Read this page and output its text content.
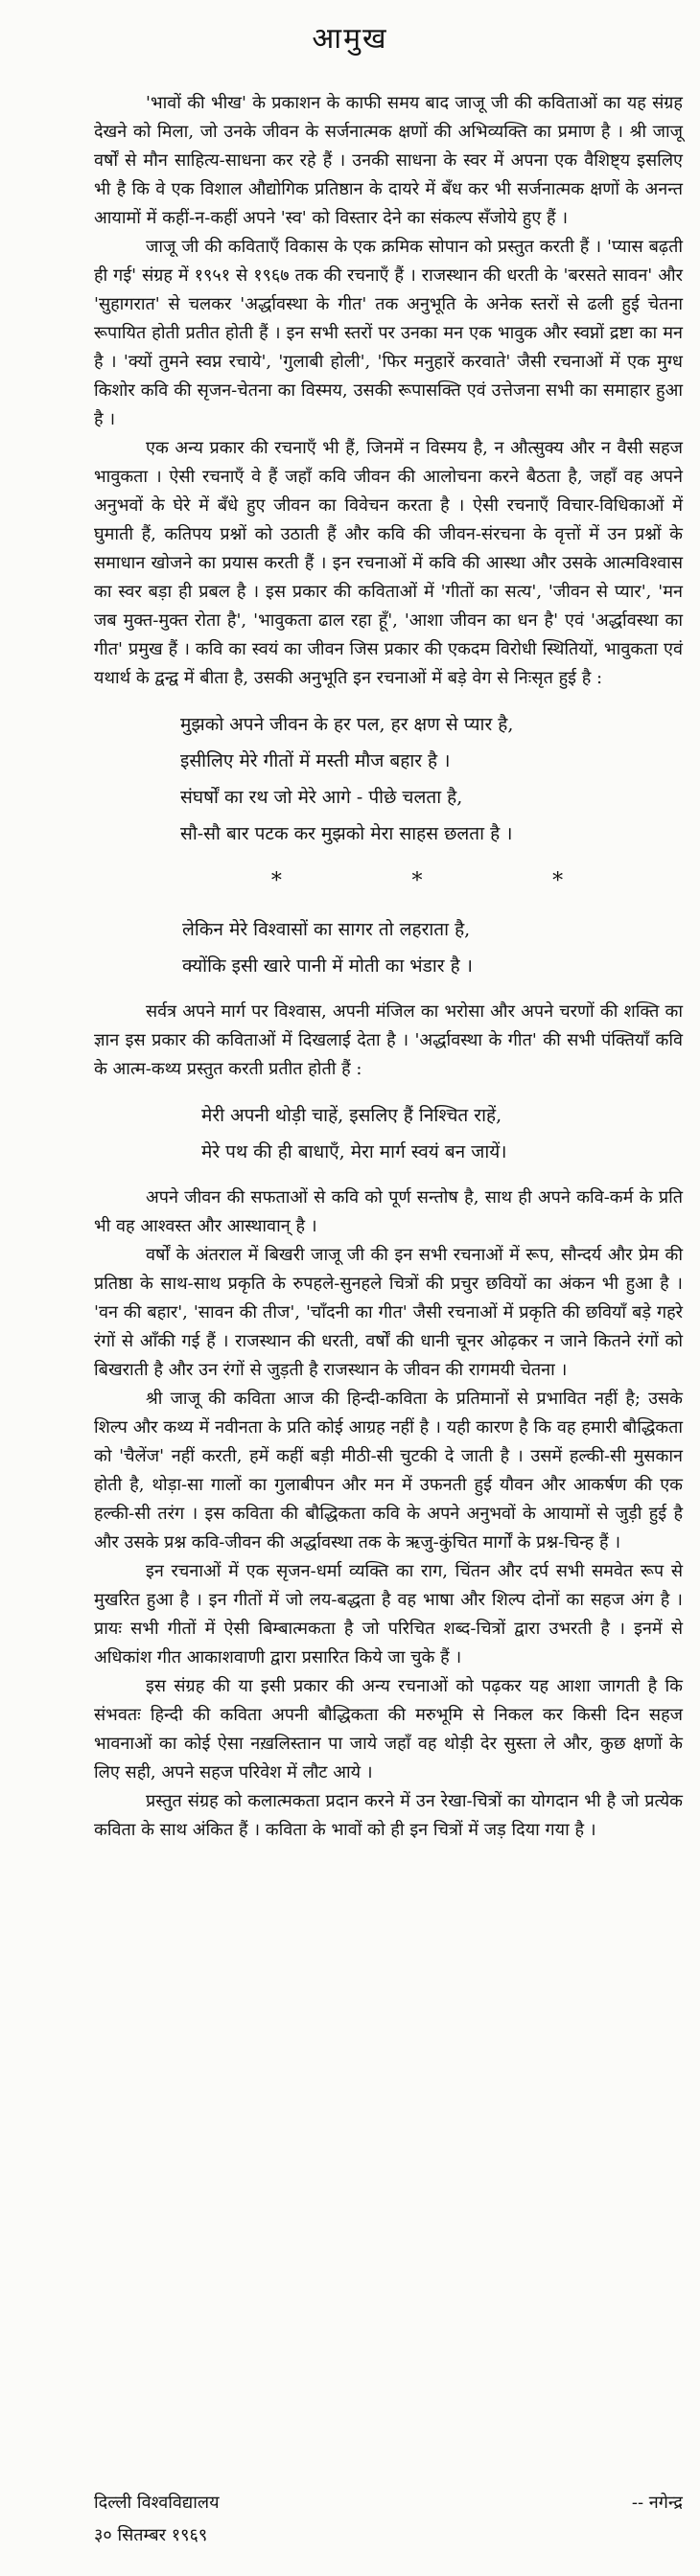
आमुख

'भावों की भीख' के प्रकाशन के काफी समय बाद जाजू जी की कविताओं का यह संग्रह देखने को मिला, जो उनके जीवन के सर्जनात्मक क्षणों की अभिव्यक्ति का प्रमाण है । श्री जाजू वर्षों से मौन साहित्य-साधना कर रहे हैं । उनकी साधना के स्वर में अपना एक वैशिष्ट्य इसलिए भी है कि वे एक विशाल औद्योगिक प्रतिष्ठान के दायरे में बँध कर भी सर्जनात्मक क्षणों के अनन्त आयामों में कहीं-न-कहीं अपने 'स्व' को विस्तार देने का संकल्प सँजोये हुए हैं ।

जाजू जी की कविताएँ विकास के एक क्रमिक सोपान को प्रस्तुत करती हैं । 'प्यास बढ़ती ही गई' संग्रह में १९५१ से १९६७ तक की रचनाएँ हैं । राजस्थान की धरती के 'बरसते सावन' और 'सुहागरात' से चलकर 'अर्द्धावस्था के गीत' तक अनुभूति के अनेक स्तरों से ढली हुई चेतना रूपायित होती प्रतीत होती हैं । इन सभी स्तरों पर उनका मन एक भावुक और स्वप्नों द्रष्टा का मन है । 'क्यों तुमने स्वप्न रचाये', 'गुलाबी होली', 'फिर मनुहारें करवाते' जैसी रचनाओं में एक मुग्ध किशोर कवि की सृजन-चेतना का विस्मय, उसकी रूपासक्ति एवं उत्तेजना सभी का समाहार हुआ है ।

एक अन्य प्रकार की रचनाएँ भी हैं, जिनमें न विस्मय है, न औत्सुक्य और न वैसी सहज भावुकता । ऐसी रचनाएँ वे हैं जहाँ कवि जीवन की आलोचना करने बैठता है, जहाँ वह अपने अनुभवों के घेरे में बँधे हुए जीवन का विवेचन करता है । ऐसी रचनाएँ विचार-विधिकाओं में घुमाती हैं, कतिपय प्रश्नों को उठाती हैं और कवि की जीवन-संरचना के वृत्तों में उन प्रश्नों के समाधान खोजने का प्रयास करती हैं । इन रचनाओं में कवि की आस्था और उसके आत्मविश्वास का स्वर बड़ा ही प्रबल है । इस प्रकार की कविताओं में 'गीतों का सत्य', 'जीवन से प्यार', 'मन जब मुक्त-मुक्त रोता है', 'भावुकता ढाल रहा हूँ', 'आशा जीवन का धन है' एवं 'अर्द्धावस्था का गीत' प्रमुख हैं । कवि का स्वयं का जीवन जिस प्रकार की एकदम विरोधी स्थितियों, भावुकता एवं यथार्थ के द्वन्द्व में बीता है, उसकी अनुभूति इन रचनाओं में बड़े वेग से निःसृत हुई है :

मुझको अपने जीवन के हर पल, हर क्षण से प्यार है,
इसीलिए मेरे गीतों में मस्ती मौज बहार है ।
संघर्षों का रथ जो मेरे आगे - पीछे चलता है,
सौ-सौ बार पटक कर मुझको मेरा साहस छलता है ।
*	*	*
लेकिन मेरे विश्वासों का सागर तो लहराता है,
क्योंकि इसी खारे पानी में मोती का भंडार है ।

सर्वत्र अपने मार्ग पर विश्वास, अपनी मंजिल का भरोसा और अपने चरणों की शक्ति का ज्ञान इस प्रकार की कविताओं में दिखलाई देता है । 'अर्द्धावस्था के गीत' की सभी पंक्तियाँ कवि के आत्म-कथ्य प्रस्तुत करती प्रतीत होती हैं :

मेरी अपनी थोड़ी चाहें, इसलिए हैं निश्चित राहें,
मेरे पथ की ही बाधाएँ, मेरा मार्ग स्वयं बन जायें।

अपने जीवन की सफताओं से कवि को पूर्ण सन्तोष है, साथ ही अपने कवि-कर्म के प्रति भी वह आश्वस्त और आस्थावान् है ।

वर्षों के अंतराल में बिखरी जाजू जी की इन सभी रचनाओं में रूप, सौन्दर्य और प्रेम की प्रतिष्ठा के साथ-साथ प्रकृति के रुपहले-सुनहले चित्रों की प्रचुर छवियों का अंकन भी हुआ है । 'वन की बहार', 'सावन की तीज', 'चाँदनी का गीत' जैसी रचनाओं में प्रकृति की छवियाँ बड़े गहरे रंगों से आँकी गई हैं । राजस्थान की धरती, वर्षों की धानी चूनर ओढ़कर न जाने कितने रंगों को बिखराती है और उन रंगों से जुड़ती है राजस्थान के जीवन की रागमयी चेतना ।

श्री जाजू की कविता आज की हिन्दी-कविता के प्रतिमानों से प्रभावित नहीं है; उसके शिल्प और कथ्य में नवीनता के प्रति कोई आग्रह नहीं है । यही कारण है कि वह हमारी बौद्धिकता को 'चैलेंज' नहीं करती, हमें कहीं बड़ी मीठी-सी चुटकी दे जाती है । उसमें हल्की-सी मुसकान होती है, थोड़ा-सा गालों का गुलाबीपन और मन में उफनती हुई यौवन और आकर्षण की एक हल्की-सी तरंग । इस कविता की बौद्धिकता कवि के अपने अनुभवों के आयामों से जुड़ी हुई है और उसके प्रश्न कवि-जीवन की अर्द्धावस्था तक के ऋजु-कुंचित मार्गों के प्रश्न-चिन्ह हैं ।

इन रचनाओं में एक सृजन-धर्मा व्यक्ति का राग, चिंतन और दर्प सभी समवेत रूप से मुखरित हुआ है । इन गीतों में जो लय-बद्धता है वह भाषा और शिल्प दोनों का सहज अंग है । प्रायः सभी गीतों में ऐसी बिम्बात्मकता है जो परिचित शब्द-चित्रों द्वारा उभरती है । इनमें से अधिकांश गीत आकाशवाणी द्वारा प्रसारित किये जा चुके हैं ।

इस संग्रह की या इसी प्रकार की अन्य रचनाओं को पढ़कर यह आशा जागती है कि संभवतः हिन्दी की कविता अपनी बौद्धिकता की मरुभूमि से निकल कर किसी दिन सहज भावनाओं का कोई ऐसा नख़लिस्तान पा जाये जहाँ वह थोड़ी देर सुस्ता ले और, कुछ क्षणों के लिए सही, अपने सहज परिवेश में लौट आये ।

प्रस्तुत संग्रह को कलात्मकता प्रदान करने में उन रेखा-चित्रों का योगदान भी है जो प्रत्येक कविता के साथ अंकित हैं । कविता के भावों को ही इन चित्रों में जड़ दिया गया है ।

दिल्ली विश्वविद्यालय	-- नगेन्द्र
३० सितम्बर १९६९
